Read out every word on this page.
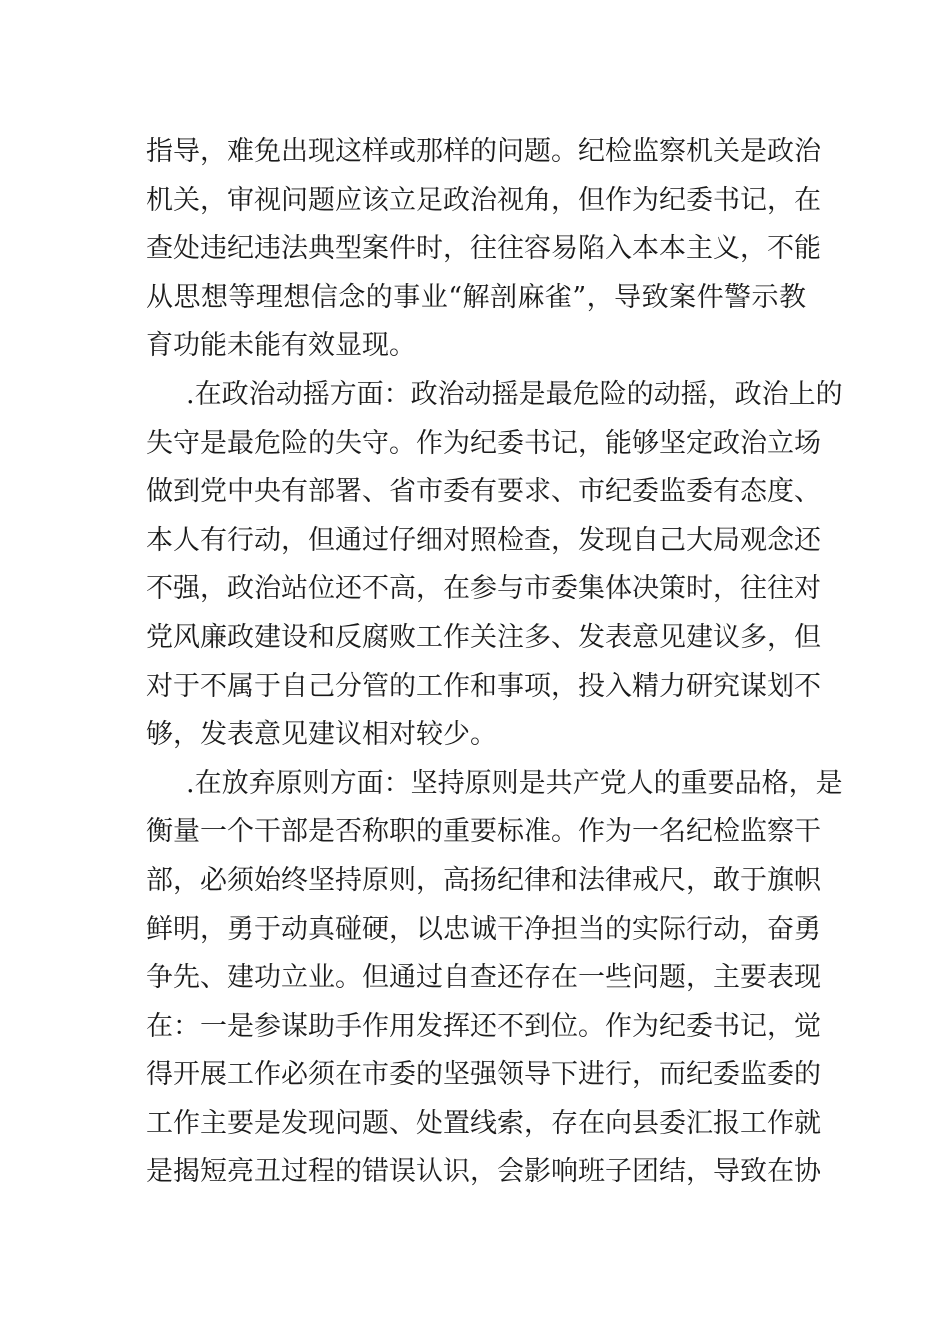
指导，难免出现这样或那样的问题。纪检监察机关是政治
机关，审视问题应该立足政治视角，但作为纪委书记，在
查处违纪违法典型案件时，往往容易陷入本本主义，不能
从思想等理想信念的事业“解剖麻雀”，导致案件警示教
育功能未能有效显现。
.在政治动摇方面：政治动摇是最危险的动摇，政治上的
失守是最危险的失守。作为纪委书记，能够坚定政治立场
做到党中央有部署、省市委有要求、市纪委监委有态度、
本人有行动，但通过仔细对照检查，发现自己大局观念还
不强，政治站位还不高，在参与市委集体决策时，往往对
党风廉政建设和反腐败工作关注多、发表意见建议多，但
对于不属于自己分管的工作和事项，投入精力研究谋划不
够，发表意见建议相对较少。
.在放弃原则方面：坚持原则是共产党人的重要品格，是
衡量一个干部是否称职的重要标准。作为一名纪检监察干
部，必须始终坚持原则，高扬纪律和法律戒尺，敢于旗帜
鲜明，勇于动真碰硬，以忠诚干净担当的实际行动，奋勇
争先、建功立业。但通过自查还存在一些问题，主要表现
在：一是参谋助手作用发挥还不到位。作为纪委书记，觉
得开展工作必须在市委的坚强领导下进行，而纪委监委的
工作主要是发现问题、处置线索，存在向县委汇报工作就
是揭短亮丑过程的错误认识，会影响班子团结，导致在协
